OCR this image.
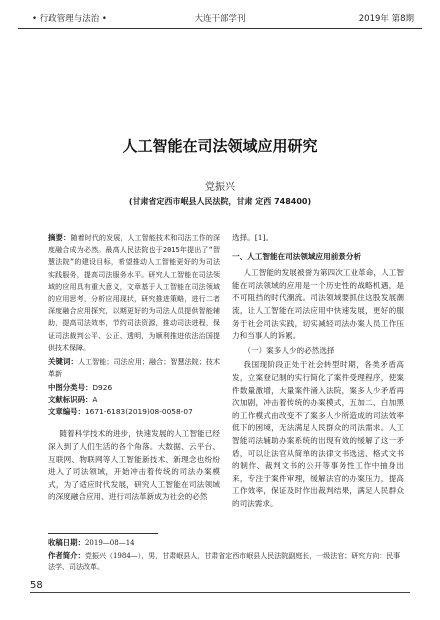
• 行政管理与法治 •	大连干部学刊	2019年 第8期
人工智能在司法领域应用研究
党振兴
(甘肃省定西市岷县人民法院，甘肃 定西 748400)
摘要：随着时代的发展，人工智能技术和司法工作的深度融合成为必然。最高人民法院也于2015年提出了“智慧法院”的建设目标，希望推动人工智能更好的为司法实践服务，提高司法服务水平。研究人工智能在司法领域的应用具有重大意义，文章基于人工智能在司法领域的应用思考，分析应用现状，研究推进策略，进行二者深度融合应用探究，以期更好的为司法人员提供智能辅助，提高司法效率，节约司法资源，推动司法进程，保证司法裁判公平、公正、透明，为顺利推进依法治国提供技术保障。
关键词：人工智能；司法应用；融合；智慧法院；技术革新
中图分类号：D926
文献标识码：A
文章编号：1671-6183(2019)08-0058-07

随着科学技术的进步，快速发展的人工智能已经深入到了人们生活的各个角落。大数据、云平台、互联网、物联网等人工智能新技术、新理念也纷纷进入了司法领域，开始冲击着传统的司法办案模式，为了适应时代发展，研究人工智能在司法领域的深度融合应用、进行司法革新成为社会的必然

选择。[1]。

一、人工智能在司法领域应用前景分析

人工智能的发展被誉为第四次工业革命，人工智能在司法领域的应用是一个历史性的战略机遇，是不可阻挡的时代潮流。司法领域要抓住这股发展潮流，让人工智能在司法应用中快速发展，更好的服务于社会司法实践，切实减轻司法办案人员工作压力和当事人的诉累。

（一）案多人少的必然选择

我国现阶段正处于社会转型时期，各类矛盾高发，立案登记制的实行简化了案件受理程序，使案件数量激增，大量案件涌入法院，案多人少矛盾再次加剧，冲击着传统的办案模式，五加二、白加黑的工作模式由改变不了案多人少所造成的司法效率低下的困境，无法满足人民群众的司法需求。人工智能司法辅助办案系统的出现有效的缓解了这一矛盾，可以让法官从简单的法律文书选送、格式文书的制作、裁判文书的公开等事务性工作中抽身出来，专注于案件审理，缓解法官的办案压力，提高工作效率，保证及时作出裁判结果，满足人民群众的司法需求。

收稿日期：2019—08—14
作者简介：党振兴（1984—），男，甘肃岷县人，甘肃省定西市岷县人民法院副庭长，一级法官；研究方向：民事法学、司法改革。
58
